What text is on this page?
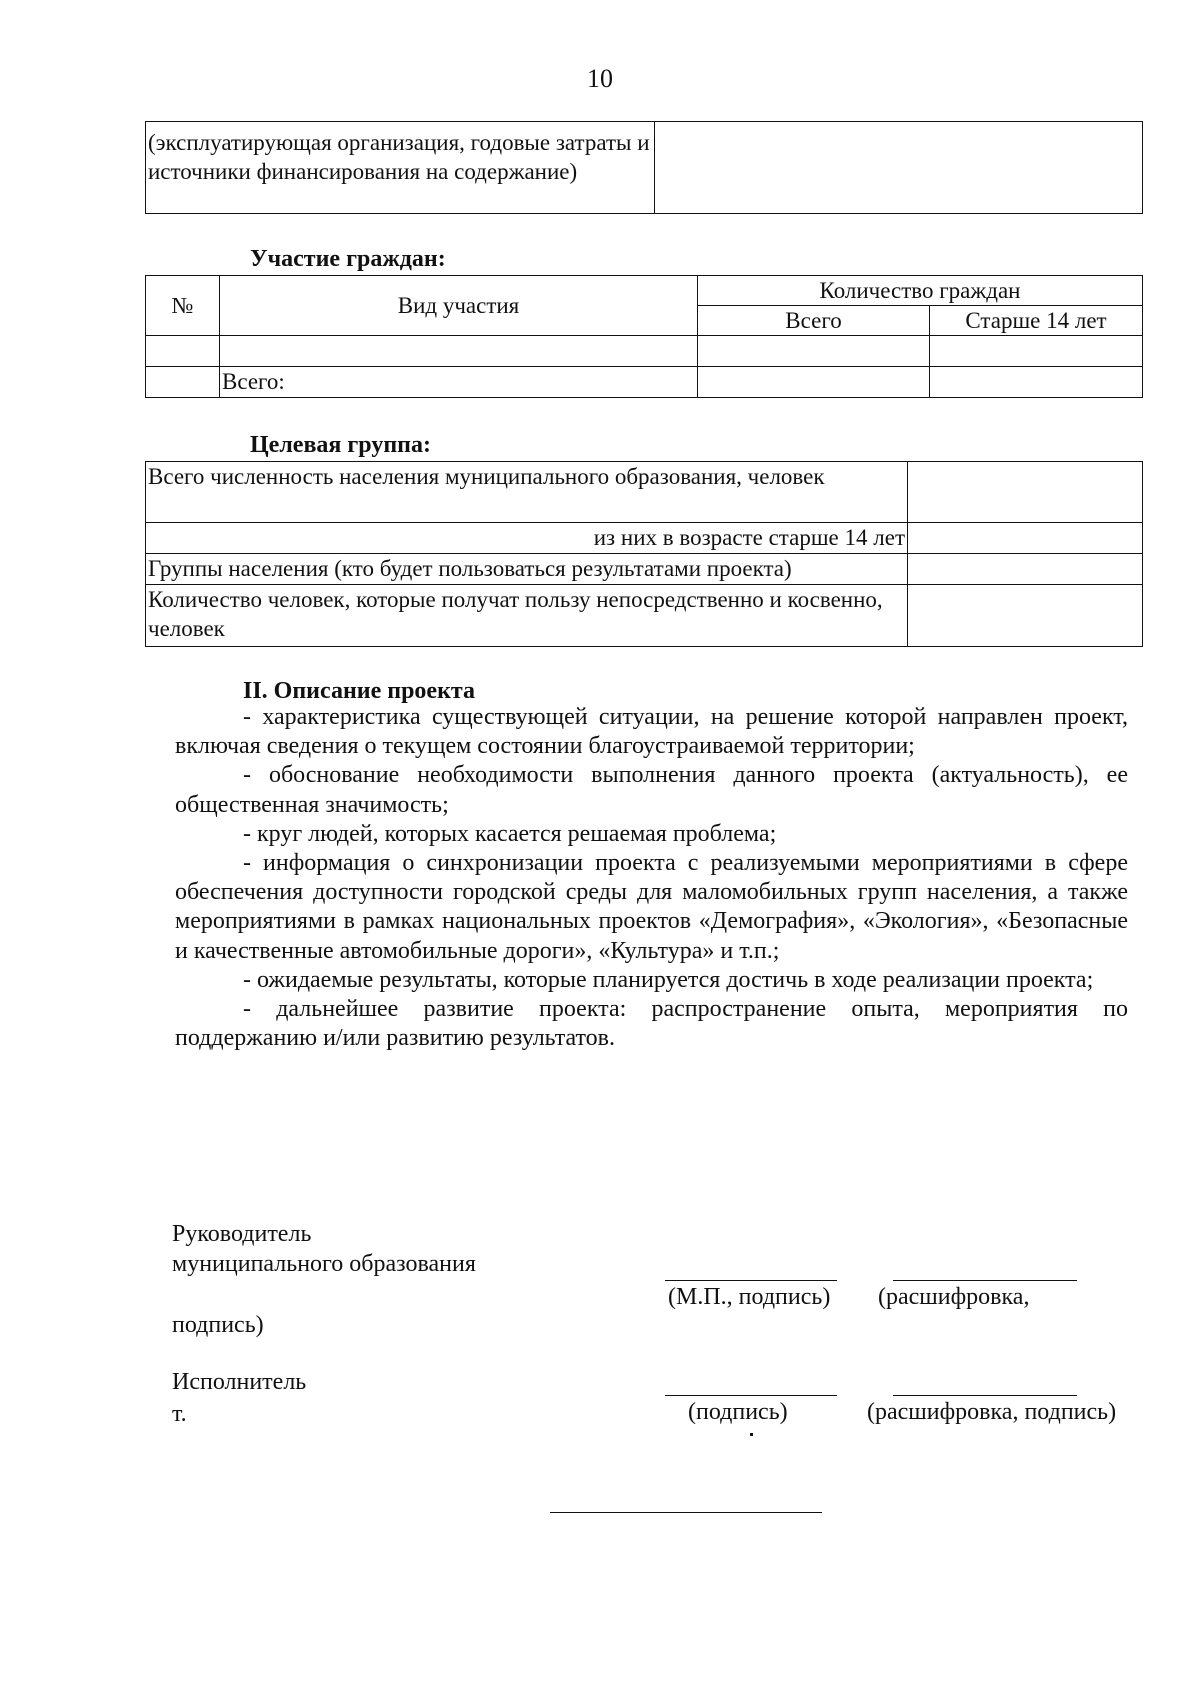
10
(эксплуатирующая организация, годовые затраты и источники финансирования на содержание)	
Участие граждан:
№	Вид участия	Количество граждан	
		Всего	Старше 14 лет

	Всего:		
Целевая группа:
Всего численность населения муниципального образования, человек	
из них в возрасте старше 14 лет	
Группы населения (кто будет пользоваться результатами проекта)	
Количество человек, которые получат пользу непосредственно и косвенно, человек	
II. Описание проекта

- характеристика существующей ситуации, на решение которой направлен проект, включая сведения о текущем состоянии благоустраиваемой территории;

- обоснование необходимости выполнения данного проекта (актуальность), ее общественная значимость;

- круг людей, которых касается решаемая проблема;

- информация о синхронизации проекта с реализуемыми мероприятиями в сфере обеспечения доступности городской среды для маломобильных групп населения, а также мероприятиями в рамках национальных проектов «Демография», «Экология», «Безопасные и качественные автомобильные дороги», «Культура» и т.п.;

- ожидаемые результаты, которые планируется достичь в ходе реализации проекта;

- дальнейшее развитие проекта: распространение опыта, мероприятия по поддержанию и/или развитию результатов.

Руководитель
муниципального образования
(М.П., подпись) (расшифровка,
подпись)
Исполнитель
т.	(подпись)	(расшифровка, подпись)
